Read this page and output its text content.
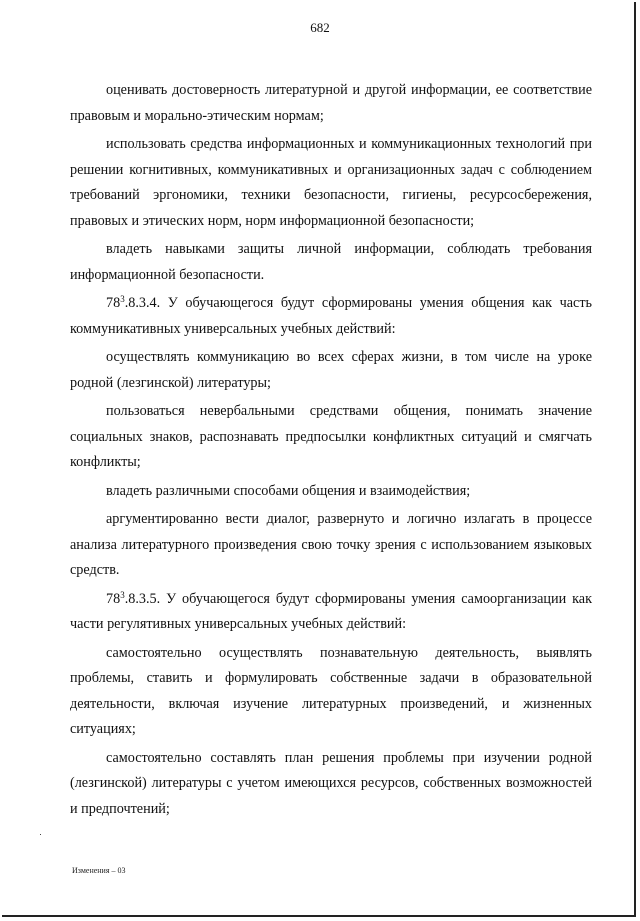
682

оценивать достоверность литературной и другой информации, ее соответствие правовым и морально-этическим нормам;

использовать средства информационных и коммуникационных технологий при решении когнитивных, коммуникативных и организационных задач с соблюдением требований эргономики, техники безопасности, гигиены, ресурсосбережения, правовых и этических норм, норм информационной безопасности;

владеть навыками защиты личной информации, соблюдать требования информационной безопасности.

$78^3.8.3.4$. У обучающегося будут сформированы умения общения как часть коммуникативных универсальных учебных действий:

осуществлять коммуникацию во всех сферах жизни, в том числе на уроке родной (лезгинской) литературы;

пользоваться невербальными средствами общения, понимать значение социальных знаков, распознавать предпосылки конфликтных ситуаций и смягчать конфликты;

владеть различными способами общения и взаимодействия;

аргументированно вести диалог, развернуто и логично излагать в процессе анализа литературного произведения свою точку зрения с использованием языковых средств.

$78^3.8.3.5$. У обучающегося будут сформированы умения самоорганизации как части регулятивных универсальных учебных действий:

самостоятельно осуществлять познавательную деятельность, выявлять проблемы, ставить и формулировать собственные задачи в образовательной деятельности, включая изучение литературных произведений, и жизненных ситуациях;

самостоятельно составлять план решения проблемы при изучении родной (лезгинской) литературы с учетом имеющихся ресурсов, собственных возможностей и предпочтений;

Изменения – 03
